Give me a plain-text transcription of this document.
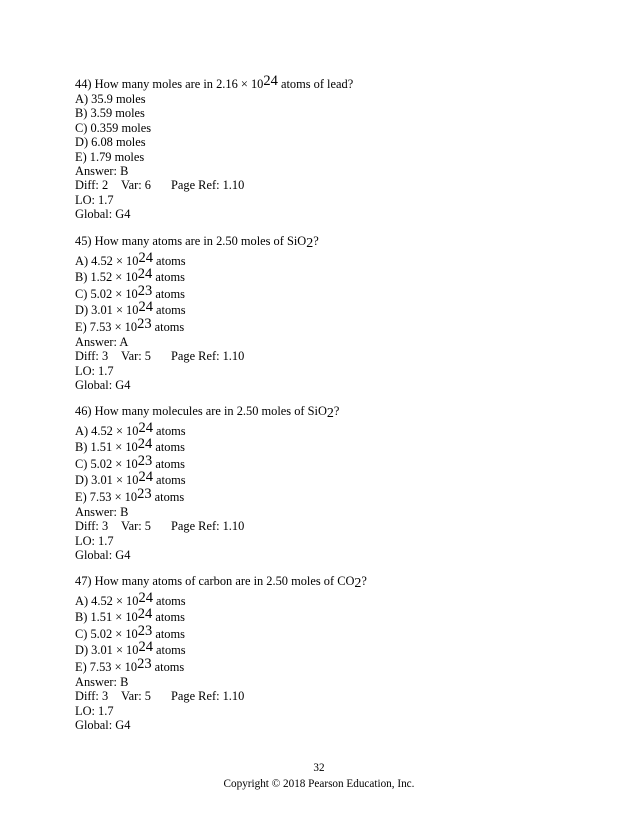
44) How many moles are in 2.16 × 1024 atoms of lead?
A) 35.9 moles
B) 3.59 moles
C) 0.359 moles
D) 6.08 moles
E) 1.79 moles
Answer: B
Diff: 2 Var: 6 Page Ref: 1.10
LO: 1.7
Global: G4
45) How many atoms are in 2.50 moles of SiO2?
A) 4.52 × 1024 atoms
B) 1.52 × 1024 atoms
C) 5.02 × 1023 atoms
D) 3.01 × 1024 atoms
E) 7.53 × 1023 atoms
Answer: A
Diff: 3 Var: 5 Page Ref: 1.10
LO: 1.7
Global: G4
46) How many molecules are in 2.50 moles of SiO2?
A) 4.52 × 1024 atoms
B) 1.51 × 1024 atoms
C) 5.02 × 1023 atoms
D) 3.01 × 1024 atoms
E) 7.53 × 1023 atoms
Answer: B
Diff: 3 Var: 5 Page Ref: 1.10
LO: 1.7
Global: G4
47) How many atoms of carbon are in 2.50 moles of CO2?
A) 4.52 × 1024 atoms
B) 1.51 × 1024 atoms
C) 5.02 × 1023 atoms
D) 3.01 × 1024 atoms
E) 7.53 × 1023 atoms
Answer: B
Diff: 3 Var: 5 Page Ref: 1.10
LO: 1.7
Global: G4
32
Copyright © 2018 Pearson Education, Inc.
